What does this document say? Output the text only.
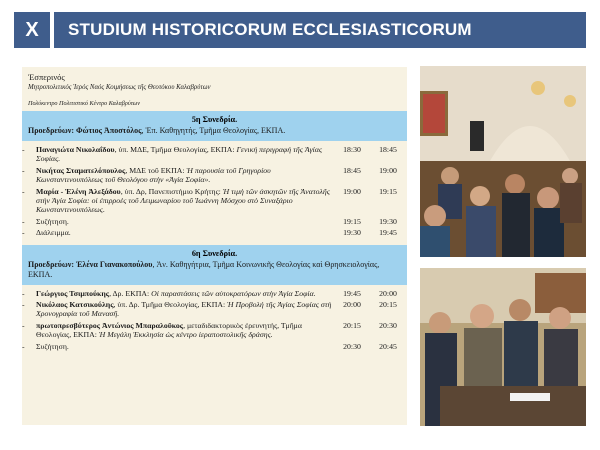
X	STUDIUM HISTORICORUM ECCLESIASTICORUM
Ἑσπερινός
Μητροπολιτικός Ἱερός Ναός Κοιμήσεως τῆς Θεοτόκου Καλαβρύτων
Πολύκεντρο Πολιτιστικό Κέντρο Καλαβρύτων
5η Συνεδρία.
Προεδρεύων: Φώτιος Ἀποστόλος, Ἐπ. Καθηγητής, Τμῆμα Θεολογίας, ΕΚΠΑ.
-	Παναγιώτα Νικολαΐδου, ὑπ. ΜΔΕ, Τμῆμα Θεολογίας, ΕΚΠΑ: Γενική περιγραφή τῆς Ἁγίας Σοφίας.	18:30	18:45
-	Νικήτας Σταματελόπουλος, ΜΔΕ τοῦ ΕΚΠΑ: Ἡ παρουσία τοῦ Γρηγορίου Κωνσταντινουπόλεως τοῦ Θεολόγου στὴν «Ἁγία Σοφία».	18:45	19:00
-	Μαρία - Ἑλένη Ἀλεξάδου, ὑπ. Δρ, Πανεπιστήμιο Κρήτης: Ἡ τιμὴ τῶν ἀσκητῶν τῆς Ἀνατολῆς στὴν Ἁγία Σοφία: οἱ ἐπιρροὲς τοῦ Λειμωναρίου τοῦ Ἰωάννη Μόσχου στὸ Συναξάριο Κωνσταντινουπόλεως.	19:00	19:15
-	Συζήτηση.	19:15	19:30
-	Διάλειμμα.	19:30	19:45
6η Συνεδρία.
Προεδρεύων: Ἑλένα Γιανακοπούλου, Ἀν. Καθηγήτρια, Τμῆμα Κοινωνικῆς Θεολογίας καὶ Θρησκειολογίας, ΕΚΠΑ.
-	Γεώργιος Τσιμπούκης, Δρ. ΕΚΠΑ: Οἱ παραστάσεις τῶν αὐτοκρατόρων στὴν Ἁγία Σοφία.	19:45	20:00
-	Νικόλαος Κατσικούλης, ὑπ. Δρ. Τμῆμα Θεολογίας, ΕΚΠΑ: Ἡ Προβολή τῆς Ἁγίας Σοφίας στὴ Χρονογραφία τοῦ Μανασῆ.	20:00	20:15
-	πρωτοπρεσβύτερος Ἀντώνιος Μπαραλοῦκος, μεταδιδακτορικὸς ἐρευνητής, Τμῆμα Θεολογίας, ΕΚΠΑ: Ἡ Μεγάλη Ἐκκλησία ὡς κέντρο ἱεραποστολικῆς δράσης.	20:15	20:30
-	Συζήτηση.	20:30	20:45
